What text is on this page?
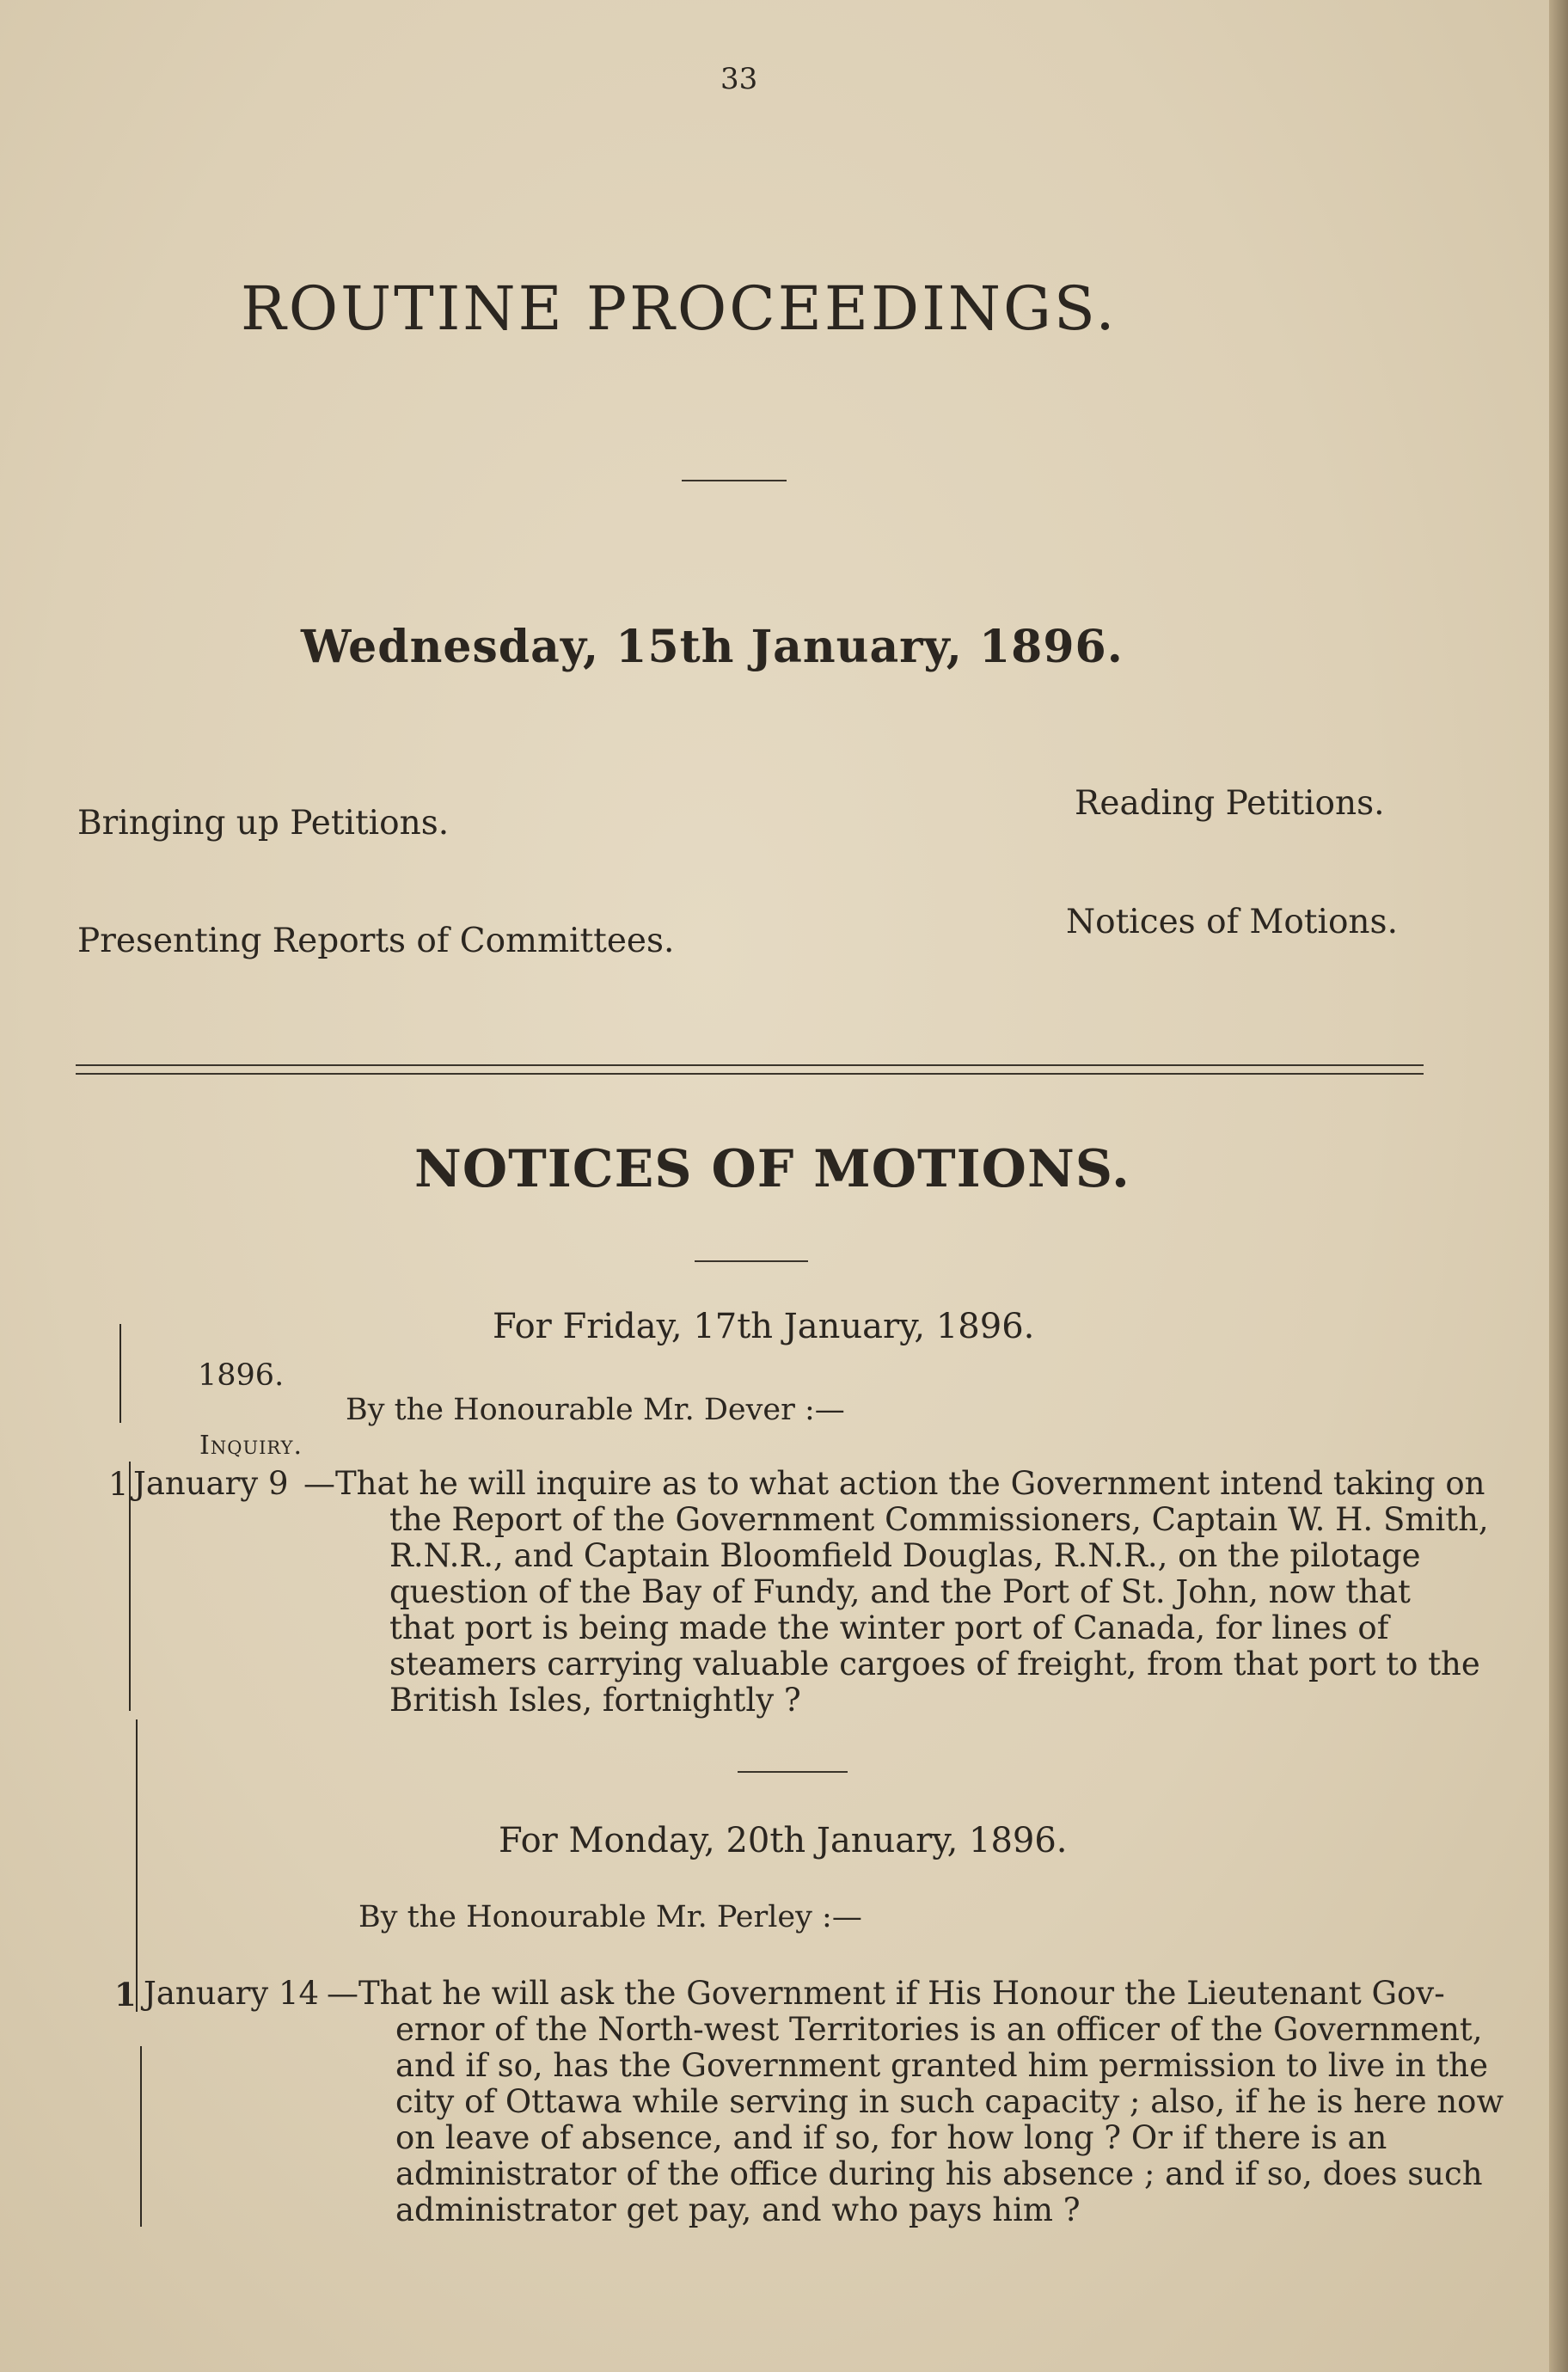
33
ROUTINE PROCEEDINGS.
Wednesday, 15th January, 1896.
Bringing up Petitions.
Reading Petitions.
Presenting Reports of Committees.	Notices of Motions.
NOTICES OF MOTIONS.
For Friday, 17th January, 1896.
1896.
By the Honourable Mr. Dever :—
Inquiry.
1 January 9 —That he will inquire as to what action the Government intend taking on
the Report of the Government Commissioners, Captain W. H. Smith,
R.N.R., and Captain Bloomfield Douglas, R.N.R., on the pilotage
question of the Bay of Fundy, and the Port of St. John, now that
that port is being made the winter port of Canada, for lines of
steamers carrying valuable cargoes of freight, from that port to the
British Isles, fortnightly ?
For Monday, 20th January, 1896.
By the Honourable Mr. Perley :—
1 January 14 —That he will ask the Government if His Honour the Lieutenant Gov-
ernor of the North-west Territories is an officer of the Government,
and if so, has the Government granted him permission to live in the
city of Ottawa while serving in such capacity ; also, if he is here now
on leave of absence, and if so, for how long ? Or if there is an
administrator of the office during his absence ; and if so, does such
administrator get pay, and who pays him ?
